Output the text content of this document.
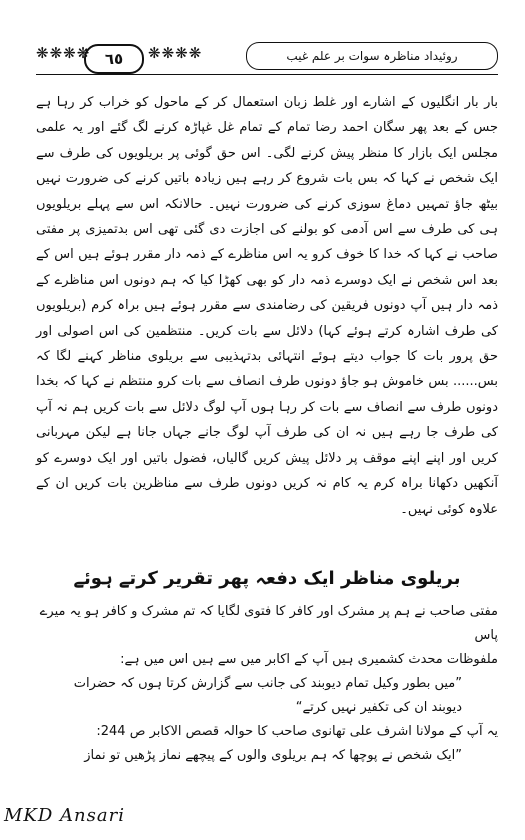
❋❋❋❋ ٦٥ ❋❋❋❋	روئیداد مناظرہ سوات بر علم غیب

بار بار انگلیوں کے اشارے اور غلط زبان استعمال کر کے ماحول کو خراب کر رہا ہے جس کے بعد پھر سگان احمد رضا تمام کے تمام غل غپاڑہ کرنے لگ گئے اور یہ علمی مجلس ایک بازار کا منظر پیش کرنے لگی۔ اس حق گوئی پر بریلویوں کی طرف سے ایک شخص نے کہا کہ بس بات شروع کر رہے ہیں زیادہ باتیں کرنے کی ضرورت نہیں بیٹھ جاؤ تمہیں دماغ سوزی کرنے کی ضرورت نہیں۔ حالانکہ اس سے پہلے بریلویوں ہی کی طرف سے اس آدمی کو بولنے کی اجازت دی گئی تھی اس بدتمیزی پر مفتی صاحب نے کہا کہ خدا کا خوف کرو یہ اس مناظرے کے ذمہ دار مقرر ہوئے ہیں اس کے بعد اس شخص نے ایک دوسرے ذمہ دار کو بھی کھڑا کیا کہ ہم دونوں اس مناظرے کے ذمہ دار ہیں آپ دونوں فریقین کی رضامندی سے مقرر ہوئے ہیں براہ کرم (بریلویوں کی طرف اشارہ کرتے ہوئے کہا) دلائل سے بات کریں۔ منتظمین کی اس اصولی اور حق پرور بات کا جواب دیتے ہوئے انتہائی بدتہذیبی سے بریلوی مناظر کہنے لگا کہ بس...... بس خاموش ہو جاؤ دونوں طرف انصاف سے بات کرو منتظم نے کہا کہ بخدا دونوں طرف سے انصاف سے بات کر رہا ہوں آپ لوگ دلائل سے بات کریں ہم نہ آپ کی طرف جا رہے ہیں نہ ان کی طرف آپ لوگ جانے جہاں جانا ہے لیکن مہربانی کریں اور اپنے اپنے موقف پر دلائل پیش کریں گالیاں، فضول باتیں اور ایک دوسرے کو آنکھیں دکھانا براہ کرم یہ کام نہ کریں دونوں طرف سے مناظرین بات کریں ان کے علاوہ کوئی نہیں۔

بریلوی مناظر ایک دفعہ پھر تقریر کرتے ہوئے
مفتی صاحب نے ہم پر مشرک اور کافر کا فتوی لگایا کہ تم مشرک و کافر ہو یہ میرے پاس
ملفوظات محدث کشمیری ہیں آپ کے اکابر میں سے ہیں اس میں ہے:
”میں بطور وکیل تمام دیوبند کی جانب سے گزارش کرتا ہوں کہ حضرات
دیوبند ان کی تکفیر نہیں کرتے“
یہ آپ کے مولانا اشرف علی تھانوی صاحب کا حوالہ قصص الاکابر ص 244:
”ایک شخص نے پوچھا کہ ہم بریلوی والوں کے پیچھے نماز پڑھیں تو نماز
MKD Ansari
